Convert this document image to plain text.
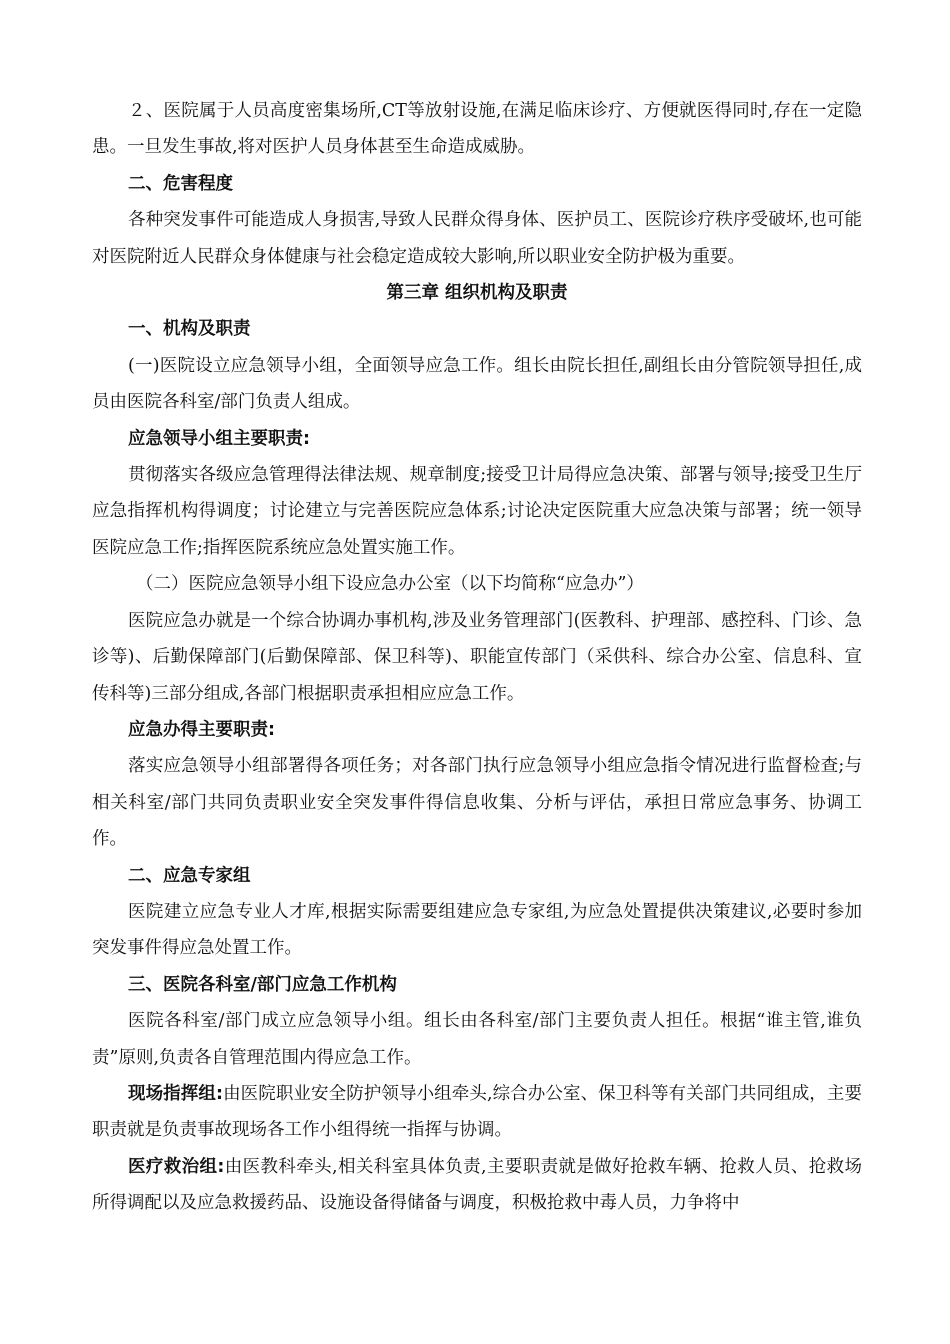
２、医院属于人员高度密集场所,CT等放射设施,在满足临床诊疗、方便就医得同时,存在一定隐患。一旦发生事故,将对医护人员身体甚至生命造成威胁。

二、危害程度

各种突发事件可能造成人身损害,导致人民群众得身体、医护员工、医院诊疗秩序受破坏,也可能对医院附近人民群众身体健康与社会稳定造成较大影响,所以职业安全防护极为重要。

第三章 组织机构及职责

一、机构及职责

(一)医院设立应急领导小组，全面领导应急工作。组长由院长担任,副组长由分管院领导担任,成员由医院各科室/部门负责人组成。

应急领导小组主要职责:

贯彻落实各级应急管理得法律法规、规章制度;接受卫计局得应急决策、部署与领导;接受卫生厅应急指挥机构得调度；讨论建立与完善医院应急体系;讨论决定医院重大应急决策与部署；统一领导医院应急工作;指挥医院系统应急处置实施工作。

（二）医院应急领导小组下设应急办公室（以下均简称“应急办”）

医院应急办就是一个综合协调办事机构,涉及业务管理部门(医教科、护理部、感控科、门诊、急诊等)、后勤保障部门(后勤保障部、保卫科等)、职能宣传部门（采供科、综合办公室、信息科、宣传科等)三部分组成,各部门根据职责承担相应应急工作。

应急办得主要职责:

落实应急领导小组部署得各项任务；对各部门执行应急领导小组应急指令情况进行监督检查;与相关科室/部门共同负责职业安全突发事件得信息收集、分析与评估，承担日常应急事务、协调工作。

二、应急专家组

医院建立应急专业人才库,根据实际需要组建应急专家组,为应急处置提供决策建议,必要时参加突发事件得应急处置工作。

三、医院各科室/部门应急工作机构

医院各科室/部门成立应急领导小组。组长由各科室/部门主要负责人担任。根据“谁主管,谁负责”原则,负责各自管理范围内得应急工作。

现场指挥组:由医院职业安全防护领导小组牵头,综合办公室、保卫科等有关部门共同组成，主要职责就是负责事故现场各工作小组得统一指挥与协调。

医疗救治组:由医教科牵头,相关科室具体负责,主要职责就是做好抢救车辆、抢救人员、抢救场所得调配以及应急救援药品、设施设备得储备与调度，积极抢救中毒人员，力争将中
